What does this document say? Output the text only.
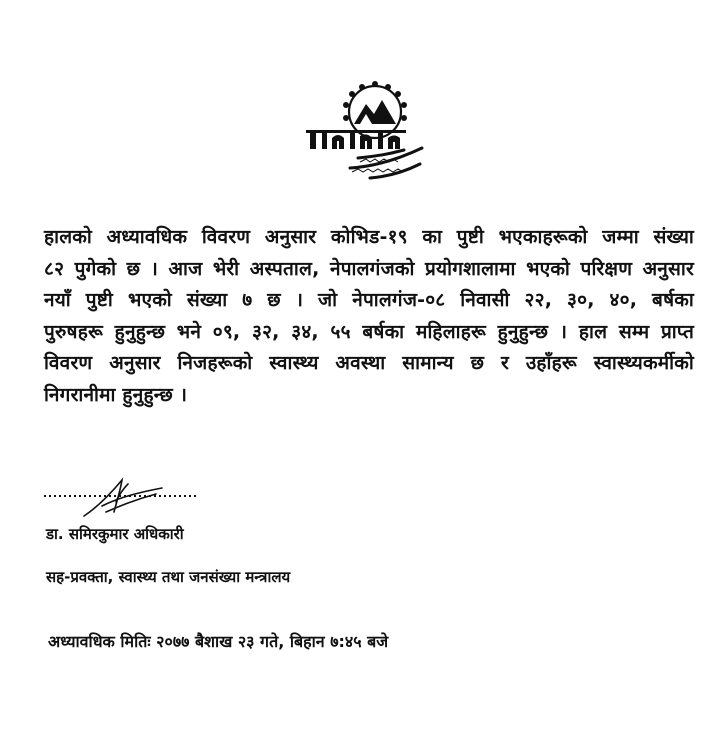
हालको अध्यावधिक विवरण अनुसार कोभिड-१९ का पुष्टी भएकाहरूको जम्मा संख्या
८२ पुगेको छ । आज भेरी अस्पताल, नेपालगंजको प्रयोगशालामा भएको परिक्षण अनुसार
नयाँ पुष्टी भएको संख्या ७ छ । जो नेपालगंज-०८ निवासी २२, ३०, ४०, बर्षका
पुरुषहरू हुनुहुन्छ भने ०९, ३२, ३४, ५५ बर्षका महिलाहरू हुनुहुन्छ । हाल सम्म प्राप्त
विवरण अनुसार निजहरूको स्वास्थ्य अवस्था सामान्य छ र उहाँहरू स्वास्थ्यकर्मीको
निगरानीमा हुनुहुन्छ ।
डा. समिरकुमार अधिकारी
सह-प्रवक्ता, स्वास्थ्य तथा जनसंख्या मन्त्रालय
अध्यावधिक मितिः २०७७ बैशाख २३ गते, बिहान ७:४५ बजे
